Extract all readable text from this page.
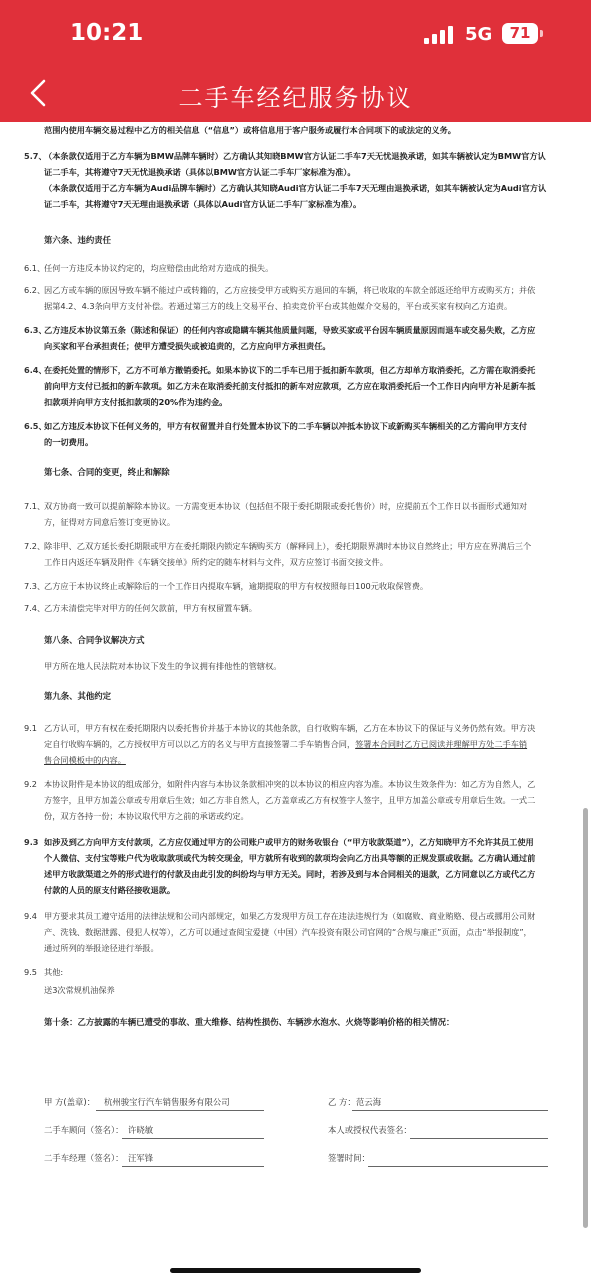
10:21	5G	71
二手车经纪服务协议
范围内使用车辆交易过程中乙方的相关信息（“信息”）或将信息用于客户服务或履行本合同项下的或法定的义务。
5.7、
（本条款仅适用于乙方车辆为BMW品牌车辆时）乙方确认其知晓BMW官方认证二手车7天无忧退换承诺，如其车辆被认定为BMW官方认
证二手车，其将遵守7天无忧退换承诺（具体以BMW官方认证二手车厂家标准为准）。
（本条款仅适用于乙方车辆为Audi品牌车辆时）乙方确认其知晓Audi官方认证二手车7天无理由退换承诺，如其车辆被认定为Audi官方认
证二手车，其将遵守7天无理由退换承诺（具体以Audi官方认证二手车厂家标准为准）。
第六条、违约责任
6.1、
任何一方违反本协议约定的，均应赔偿由此给对方造成的损失。
6.2、
因乙方或车辆的原因导致车辆不能过户或转籍的，乙方应接受甲方或购买方退回的车辆，将已收取的车款全部返还给甲方或购买方；并依
据第4.2、4.3条向甲方支付补偿。若通过第三方的线上交易平台、拍卖竞价平台或其他媒介交易的，平台或买家有权向乙方追责。
6.3、
乙方违反本协议第五条（陈述和保证）的任何内容或隐瞒车辆其他质量问题，导致买家或平台因车辆质量原因而退车或交易失败，乙方应
向买家和平台承担责任；使甲方遭受损失或被追责的，乙方应向甲方承担责任。
6.4、
在委托处置的情形下，乙方不可单方撤销委托。如果本协议下的二手车已用于抵扣新车款项，但乙方却单方取消委托，乙方需在取消委托
前向甲方支付已抵扣的新车款项。如乙方未在取消委托前支付抵扣的新车对应款项，乙方应在取消委托后一个工作日内向甲方补足新车抵
扣款项并向甲方支付抵扣款项的20%作为违约金。
6.5、
如乙方违反本协议下任何义务的，甲方有权留置并自行处置本协议下的二手车辆以冲抵本协议下或新购买车辆相关的乙方需向甲方支付
的一切费用。
第七条、合同的变更，终止和解除
7.1、
双方协商一致可以提前解除本协议。一方需变更本协议（包括但不限于委托期限或委托售价）时，应提前五个工作日以书面形式通知对
方，征得对方同意后签订变更协议。
7.2、
除非甲、乙双方延长委托期限或甲方在委托期限内锁定车辆购买方（解释同上），委托期限界满时本协议自然终止；甲方应在界满后三个
工作日内返还车辆及附件《车辆交接单》所约定的随车材料与文件，双方应签订书面交接文件。
7.3、
乙方应于本协议终止或解除后的一个工作日内提取车辆，逾期提取的甲方有权按照每日100元收取保管费。
7.4、
乙方未清偿完毕对甲方的任何欠款前，甲方有权留置车辆。
第八条、合同争议解决方式
甲方所在地人民法院对本协议下发生的争议拥有排他性的管辖权。
第九条、其他约定
9.1 乙方认可，甲方有权在委托期限内以委托售价并基于本协议的其他条款，自行收购车辆，乙方在本协议下的保证与义务仍然有效。甲方决
定自行收购车辆的，乙方授权甲方可以以乙方的名义与甲方直接签署二手车销售合同，签署本合同时乙方已阅读并理解甲方处二手车销
售合同模板中的内容。
9.2 本协议附件是本协议的组成部分，如附件内容与本协议条款相冲突的以本协议的相应内容为准。本协议生效条件为：如乙方为自然人，乙
方签字，且甲方加盖公章或专用章后生效；如乙方非自然人，乙方盖章或乙方有权签字人签字，且甲方加盖公章或专用章后生效。一式二
份，双方各持一份；本协议取代甲方之前的承诺或约定。
9.3 如涉及到乙方向甲方支付款项，乙方应仅通过甲方的公司账户或甲方的财务收银台（“甲方收款渠道”），乙方知晓甲方不允许其员工使用
个人微信、支付宝等账户代为收取款项或代为转交现金，甲方就所有收到的款项均会向乙方出具等额的正规发票或收据。乙方确认通过前
述甲方收款渠道之外的形式进行的付款及由此引发的纠纷均与甲方无关。同时，若涉及到与本合同相关的退款，乙方同意以乙方或代乙方
付款的人员的原支付路径接收退款。
9.4 甲方要求其员工遵守适用的法律法规和公司内部规定，如果乙方发现甲方员工存在违法违规行为（如腐败、商业贿赂、侵占或挪用公司财
产、洗钱、数据泄露、侵犯人权等），乙方可以通过查阅宝爱捷（中国）汽车投资有限公司官网的“合规与廉正”页面，点击“举报制度”，
通过所列的举报途径进行举报。
9.5 其他:
送3次常规机油保养
第十条：乙方披露的车辆已遭受的事故、重大维修、结构性损伤、车辆涉水泡水、火烧等影响价格的相关情况：
甲 方(盖章)： 杭州骏宝行汽车销售服务有限公司	乙 方： 范云海
二手车顾问（签名）： 许晓敏	本人或授权代表签名：
二手车经理（签名）： 汪军锋	签署时间：
